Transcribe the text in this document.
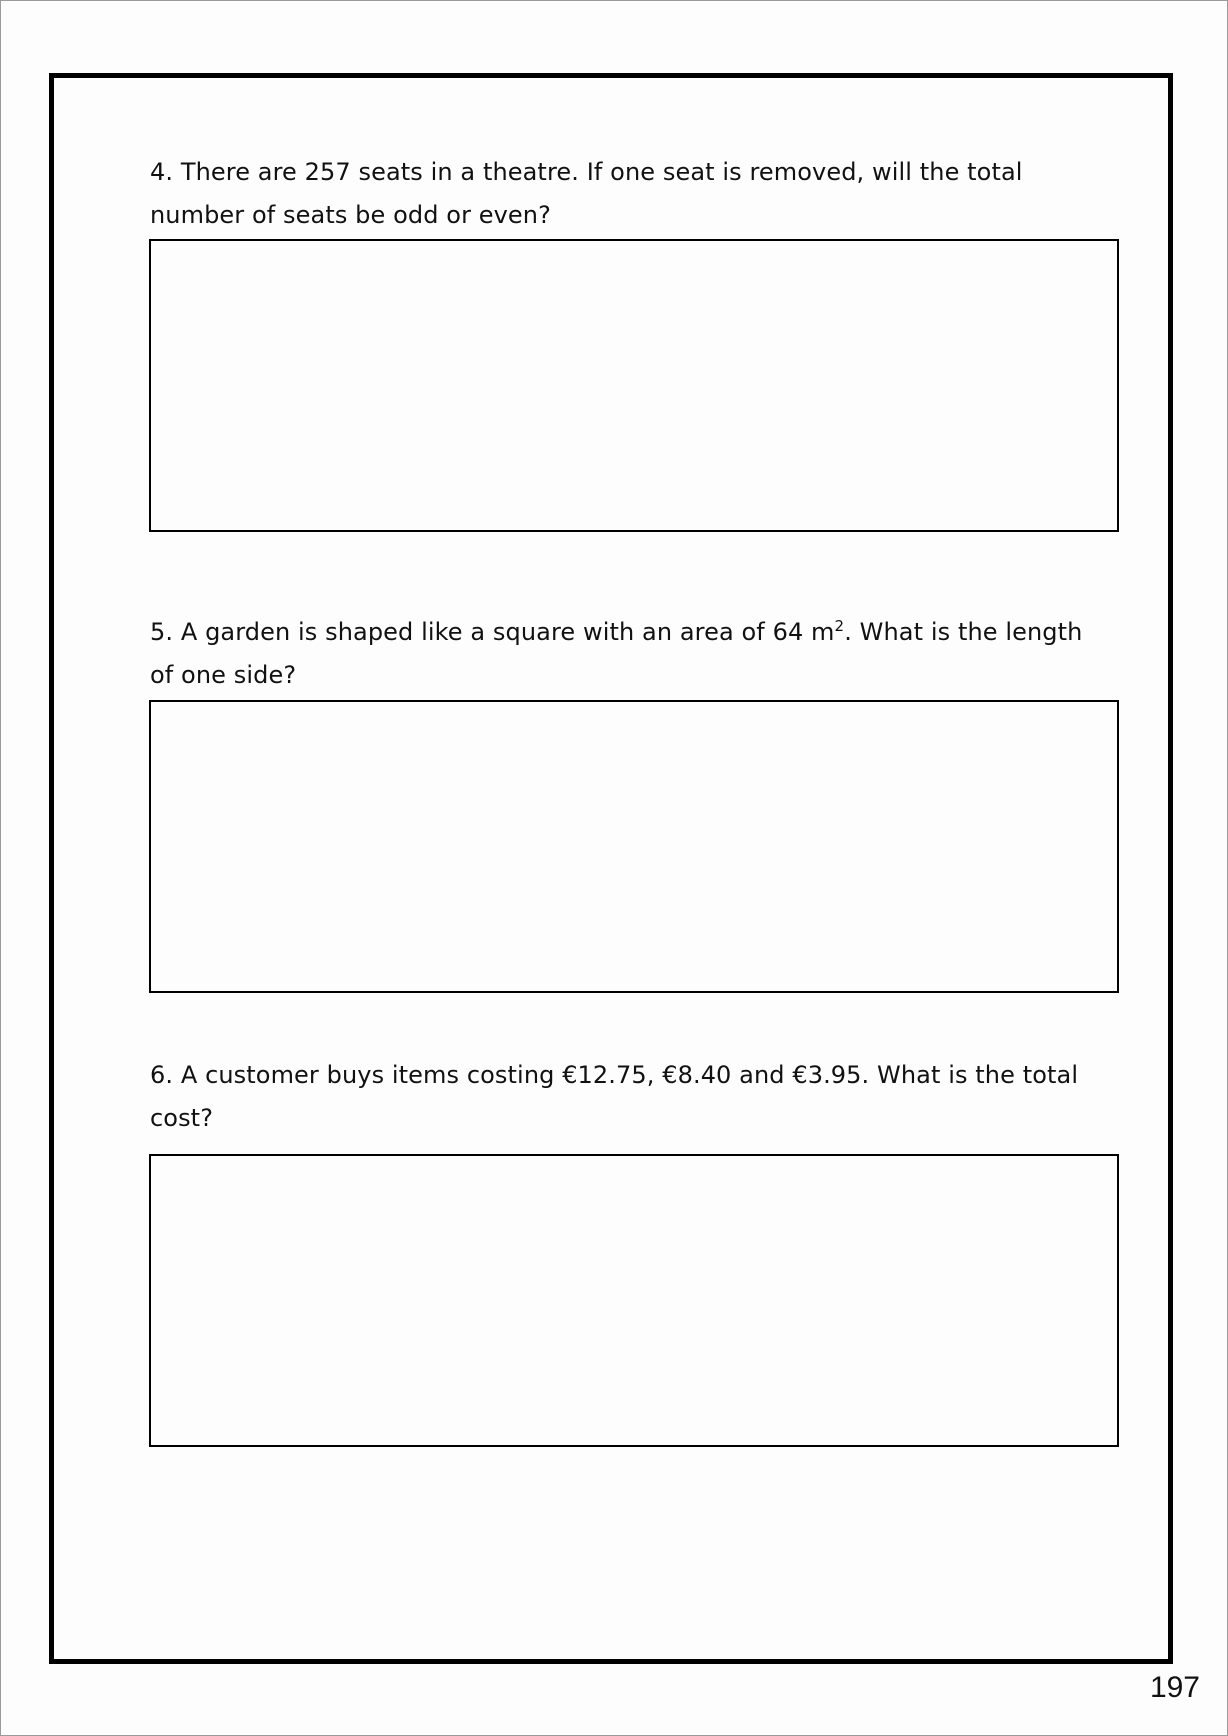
4. There are 257 seats in a theatre. If one seat is removed, will the total number of seats be odd or even?

5. A garden is shaped like a square with an area of 64 $m^2$. What is the length of one side?

6. A customer buys items costing €12.75, €8.40 and €3.95. What is the total cost?

197
